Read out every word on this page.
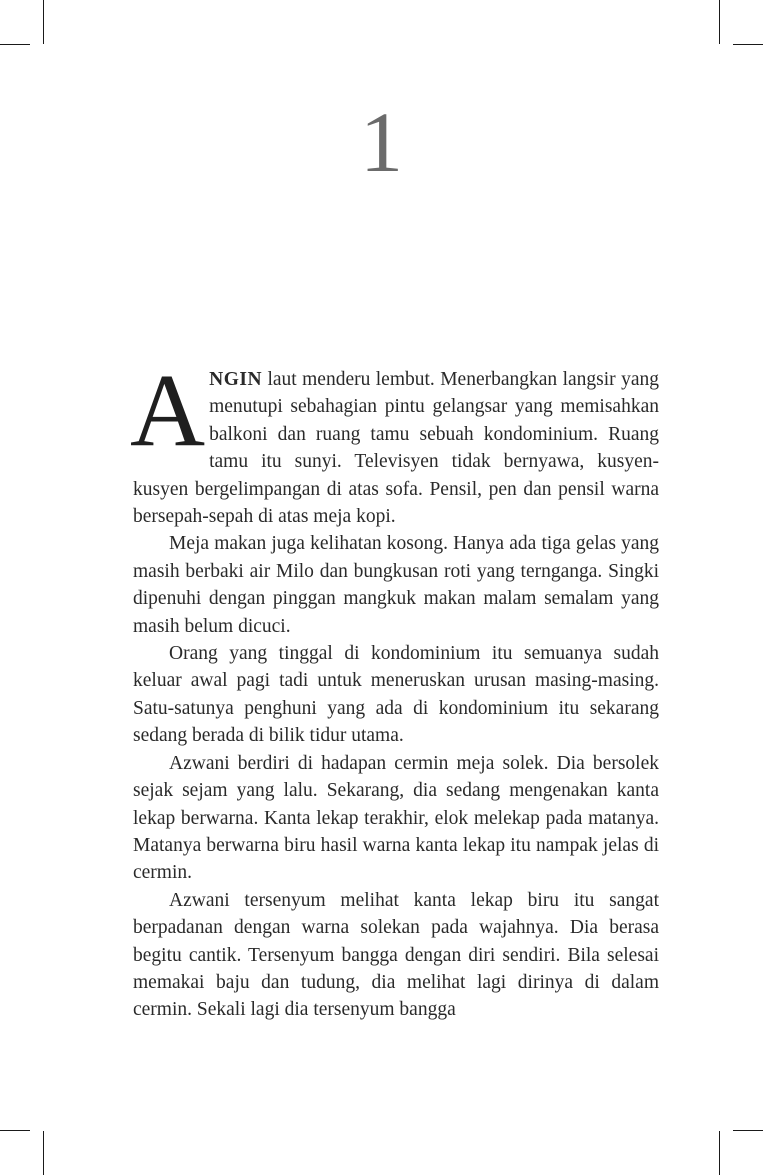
1

ANGIN laut menderu lembut. Menerbangkan langsir yang menutupi sebahagian pintu gelangsar yang memisahkan balkoni dan ruang tamu sebuah kondominium. Ruang tamu itu sunyi. Televisyen tidak bernyawa, kusyen-kusyen bergelimpangan di atas sofa. Pensil, pen dan pensil warna bersepah-sepah di atas meja kopi.

Meja makan juga kelihatan kosong. Hanya ada tiga gelas yang masih berbaki air Milo dan bungkusan roti yang ternganga. Singki dipenuhi dengan pinggan mangkuk makan malam semalam yang masih belum dicuci.

Orang yang tinggal di kondominium itu semuanya sudah keluar awal pagi tadi untuk meneruskan urusan masing-masing. Satu-satunya penghuni yang ada di kondominium itu sekarang sedang berada di bilik tidur utama.

Azwani berdiri di hadapan cermin meja solek. Dia bersolek sejak sejam yang lalu. Sekarang, dia sedang mengenakan kanta lekap berwarna. Kanta lekap terakhir, elok melekap pada matanya. Matanya berwarna biru hasil warna kanta lekap itu nampak jelas di cermin.

Azwani tersenyum melihat kanta lekap biru itu sangat berpadanan dengan warna solekan pada wajahnya. Dia berasa begitu cantik. Tersenyum bangga dengan diri sendiri. Bila selesai memakai baju dan tudung, dia melihat lagi dirinya di dalam cermin. Sekali lagi dia tersenyum bangga
